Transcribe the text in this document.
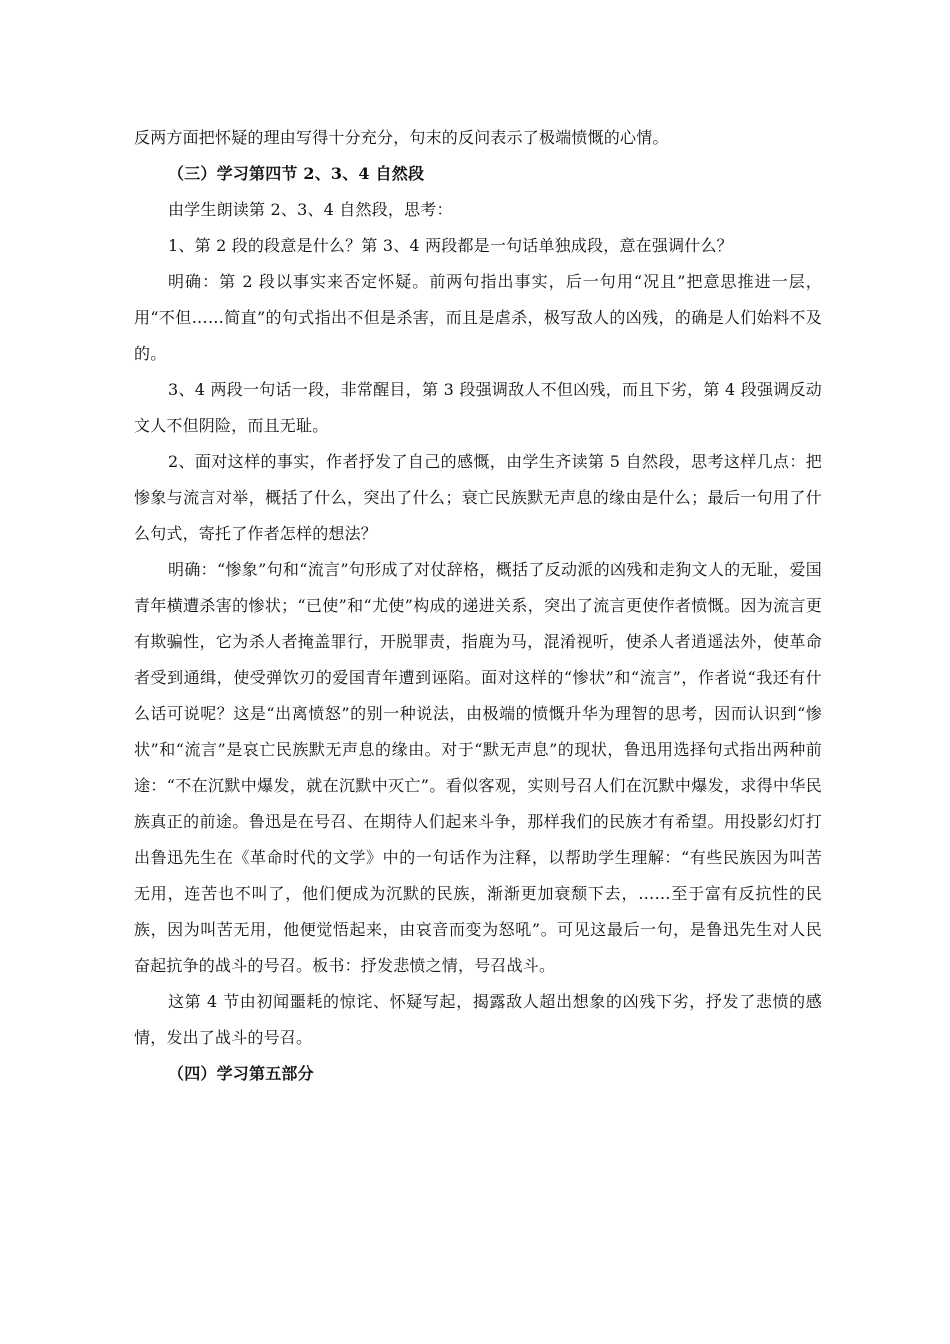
反两方面把怀疑的理由写得十分充分，句末的反问表示了极端愤慨的心情。

（三）学习第四节 2、3、4 自然段

由学生朗读第 2、3、4 自然段，思考：

1、第 2 段的段意是什么？第 3、4 两段都是一句话单独成段，意在强调什么？

明确：第 2 段以事实来否定怀疑。前两句指出事实，后一句用“况且”把意思推进一层，用“不但……简直”的句式指出不但是杀害，而且是虐杀，极写敌人的凶残，的确是人们始料不及的。

3、4 两段一句话一段，非常醒目，第 3 段强调敌人不但凶残，而且下劣，第 4 段强调反动文人不但阴险，而且无耻。

2、面对这样的事实，作者抒发了自己的感慨，由学生齐读第 5 自然段，思考这样几点：把惨象与流言对举，概括了什么，突出了什么；衰亡民族默无声息的缘由是什么；最后一句用了什么句式，寄托了作者怎样的想法？

明确：“惨象”句和“流言”句形成了对仗辞格，概括了反动派的凶残和走狗文人的无耻，爱国青年横遭杀害的惨状；“已使”和“尤使”构成的递进关系，突出了流言更使作者愤慨。因为流言更有欺骗性，它为杀人者掩盖罪行，开脱罪责，指鹿为马，混淆视听，使杀人者逍遥法外，使革命者受到通缉，使受弹饮刃的爱国青年遭到诬陷。面对这样的“惨状”和“流言”，作者说“我还有什么话可说呢？这是“出离愤怒”的别一种说法，由极端的愤慨升华为理智的思考，因而认识到“惨状”和“流言”是哀亡民族默无声息的缘由。对于“默无声息”的现状，鲁迅用选择句式指出两种前途：“不在沉默中爆发，就在沉默中灭亡”。看似客观，实则号召人们在沉默中爆发，求得中华民族真正的前途。鲁迅是在号召、在期待人们起来斗争，那样我们的民族才有希望。用投影幻灯打出鲁迅先生在《革命时代的文学》中的一句话作为注释，以帮助学生理解：“有些民族因为叫苦无用，连苦也不叫了，他们便成为沉默的民族，渐渐更加衰颓下去，……至于富有反抗性的民族，因为叫苦无用，他便觉悟起来，由哀音而变为怒吼”。可见这最后一句，是鲁迅先生对人民奋起抗争的战斗的号召。板书：抒发悲愤之情，号召战斗。

这第 4 节由初闻噩耗的惊诧、怀疑写起，揭露敌人超出想象的凶残下劣，抒发了悲愤的感情，发出了战斗的号召。

（四）学习第五部分
